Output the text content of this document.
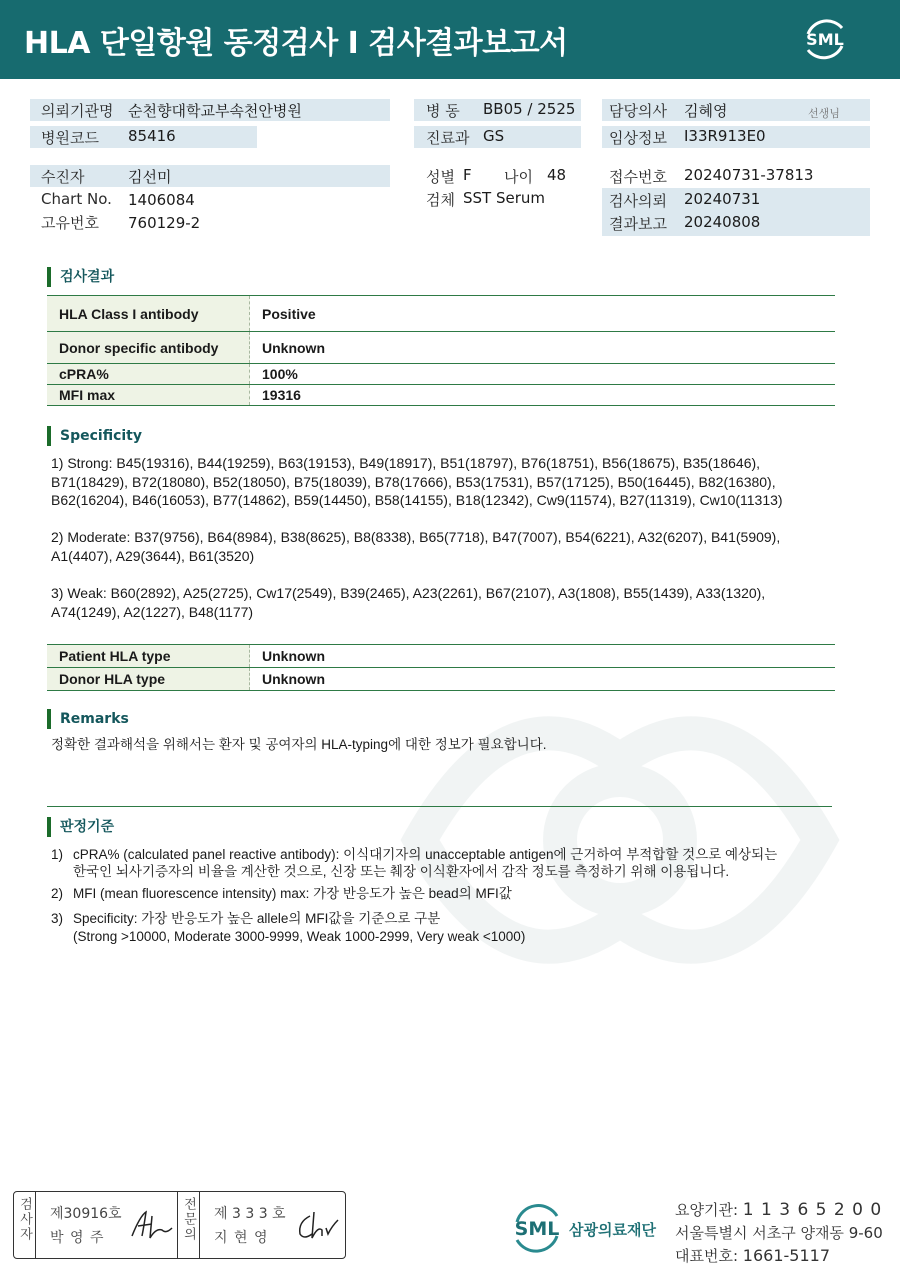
HLA 단일항원 동정검사 I 검사결과보고서	SML
의뢰기관명 순천향대학교부속천안병원
병원코드 85416
병 동 BB05 / 2525
진료과 GS
담당의사 김혜영	선생님
임상정보 I33R913E0
수진자	김선미
Chart No. 1406084
고유번호 760129-2
성별 F 나이 48
검체 SST Serum
접수번호 20240731-37813
검사의뢰 20240731
결과보고 20240808
검사결과
HLA Class I antibody	Positive
Donor specific antibody	Unknown
cPRA%	100%
MFI max	19316
Specificity
1) Strong: B45(19316), B44(19259), B63(19153), B49(18917), B51(18797), B76(18751), B56(18675), B35(18646),
B71(18429), B72(18080), B52(18050), B75(18039), B78(17666), B53(17531), B57(17125), B50(16445), B82(16380),
B62(16204), B46(16053), B77(14862), B59(14450), B58(14155), B18(12342), Cw9(11574), B27(11319), Cw10(11313)
2) Moderate: B37(9756), B64(8984), B38(8625), B8(8338), B65(7718), B47(7007), B54(6221), A32(6207), B41(5909),
A1(4407), A29(3644), B61(3520)
3) Weak: B60(2892), A25(2725), Cw17(2549), B39(2465), A23(2261), B67(2107), A3(1808), B55(1439), A33(1320),
A74(1249), A2(1227), B48(1177)
Patient HLA type	Unknown
Donor HLA type	Unknown
Remarks
정확한 결과해석을 위해서는 환자 및 공여자의 HLA-typing에 대한 정보가 필요합니다.
판정기준
1) cPRA% (calculated panel reactive antibody): 이식대기자의 unacceptable antigen에 근거하여 부적합할 것으로 예상되는
한국인 뇌사기증자의 비율을 계산한 것으로, 신장 또는 췌장 이식환자에서 감작 정도를 측정하기 위해 이용됩니다.
2) MFI (mean fluorescence intensity) max: 가장 반응도가 높은 bead의 MFI값
3) Specificity: 가장 반응도가 높은 allele의 MFI값을 기준으로 구분
(Strong >10000, Moderate 3000-9999, Weak 1000-2999, Very weak <1000)
검사자 제30916호
박 영 주	전문의 제 3 3 3 호
지 현 영	SML 삼광의료재단
요양기관: 1 1 3 6 5 2 0 0
서울특별시 서초구 양재동 9-60
대표번호: 1661-5117
